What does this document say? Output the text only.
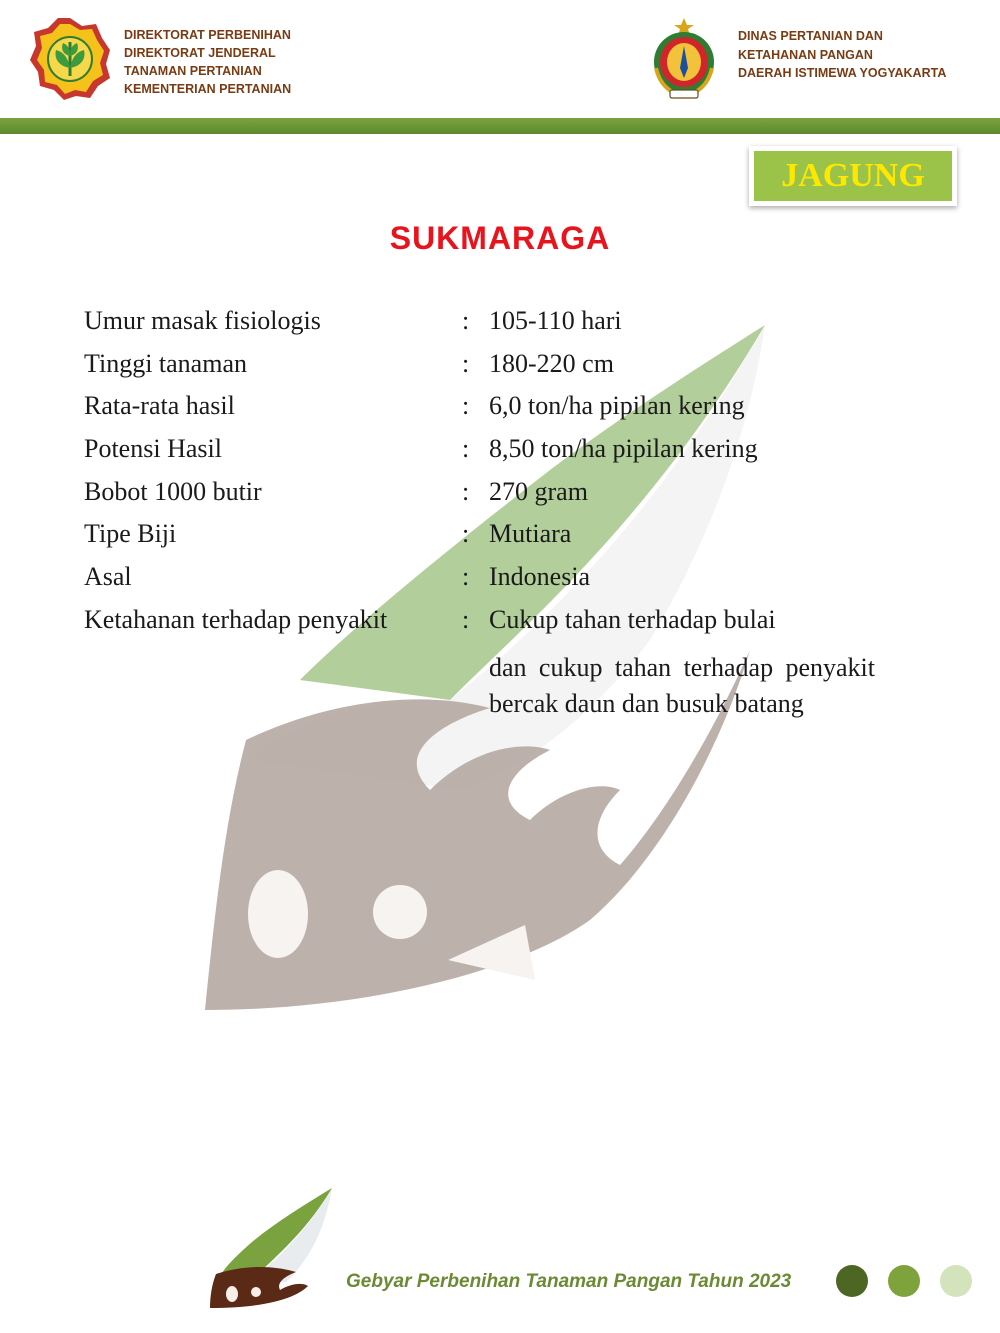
DIREKTORAT PERBENIHAN
DIREKTORAT JENDERAL
TANAMAN PERTANIAN
KEMENTERIAN PERTANIAN
DINAS PERTANIAN DAN
KETAHANAN PANGAN
DAERAH ISTIMEWA YOGYAKARTA
JAGUNG
SUKMARAGA
Umur masak fisiologis	: 105-110 hari
Tinggi tanaman	: 180-220 cm
Rata-rata hasil	: 6,0 ton/ha pipilan kering
Potensi Hasil	: 8,50 ton/ha pipilan kering
Bobot 1000 butir	: 270 gram
Tipe Biji	: Mutiara
Asal	: Indonesia
Ketahanan terhadap penyakit	: Cukup tahan terhadap bulai
dan cukup tahan terhadap penyakit bercak daun dan busuk batang
Gebyar Perbenihan Tanaman Pangan Tahun 2023
